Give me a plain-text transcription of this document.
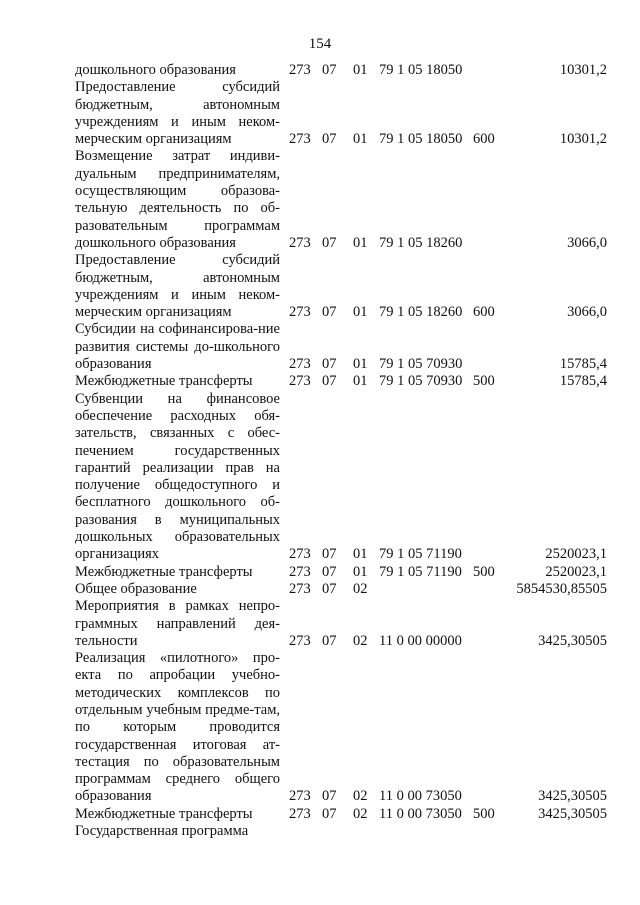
154
дошкольного образования	273 07 01 79 1 05 18050	10301,2
Предоставление субсидий бюджетным, автономным учреждениям и иным неком-мерческим организациям	273 07 01 79 1 05 18050 600	10301,2
Возмещение затрат индиви-дуальным предпринимателям, осуществляющим образова-тельную деятельность по об-разовательным программам дошкольного образования	273 07 01 79 1 05 18260	3066,0
Предоставление субсидий бюджетным, автономным учреждениям и иным неком-мерческим организациям	273 07 01 79 1 05 18260 600	3066,0
Субсидии на софинансирова-ние развития системы до-школьного образования	273 07 01 79 1 05 70930	15785,4
Межбюджетные трансферты	273 07 01 79 1 05 70930 500	15785,4
Субвенции на финансовое обеспечение расходных обя-зательств, связанных с обес-печением государственных гарантий реализации прав на получение общедоступного и бесплатного дошкольного об-разования в муниципальных дошкольных образовательных организациях	273 07 01 79 1 05 71190	2520023,1
Межбюджетные трансферты	273 07 01 79 1 05 71190 500	2520023,1
Общее образование	273 07 02	5854530,85505
Мероприятия в рамках непро-граммных направлений дея-тельности	273 07 02 11 0 00 00000	3425,30505
Реализация «пилотного» про-екта по апробации учебно-методических комплексов по отдельным учебным предме-там, по которым проводится государственная итоговая ат-тестация по образовательным программам среднего общего образования	273 07 02 11 0 00 73050	3425,30505
Межбюджетные трансферты	273 07 02 11 0 00 73050 500	3425,30505
Государственная программа
